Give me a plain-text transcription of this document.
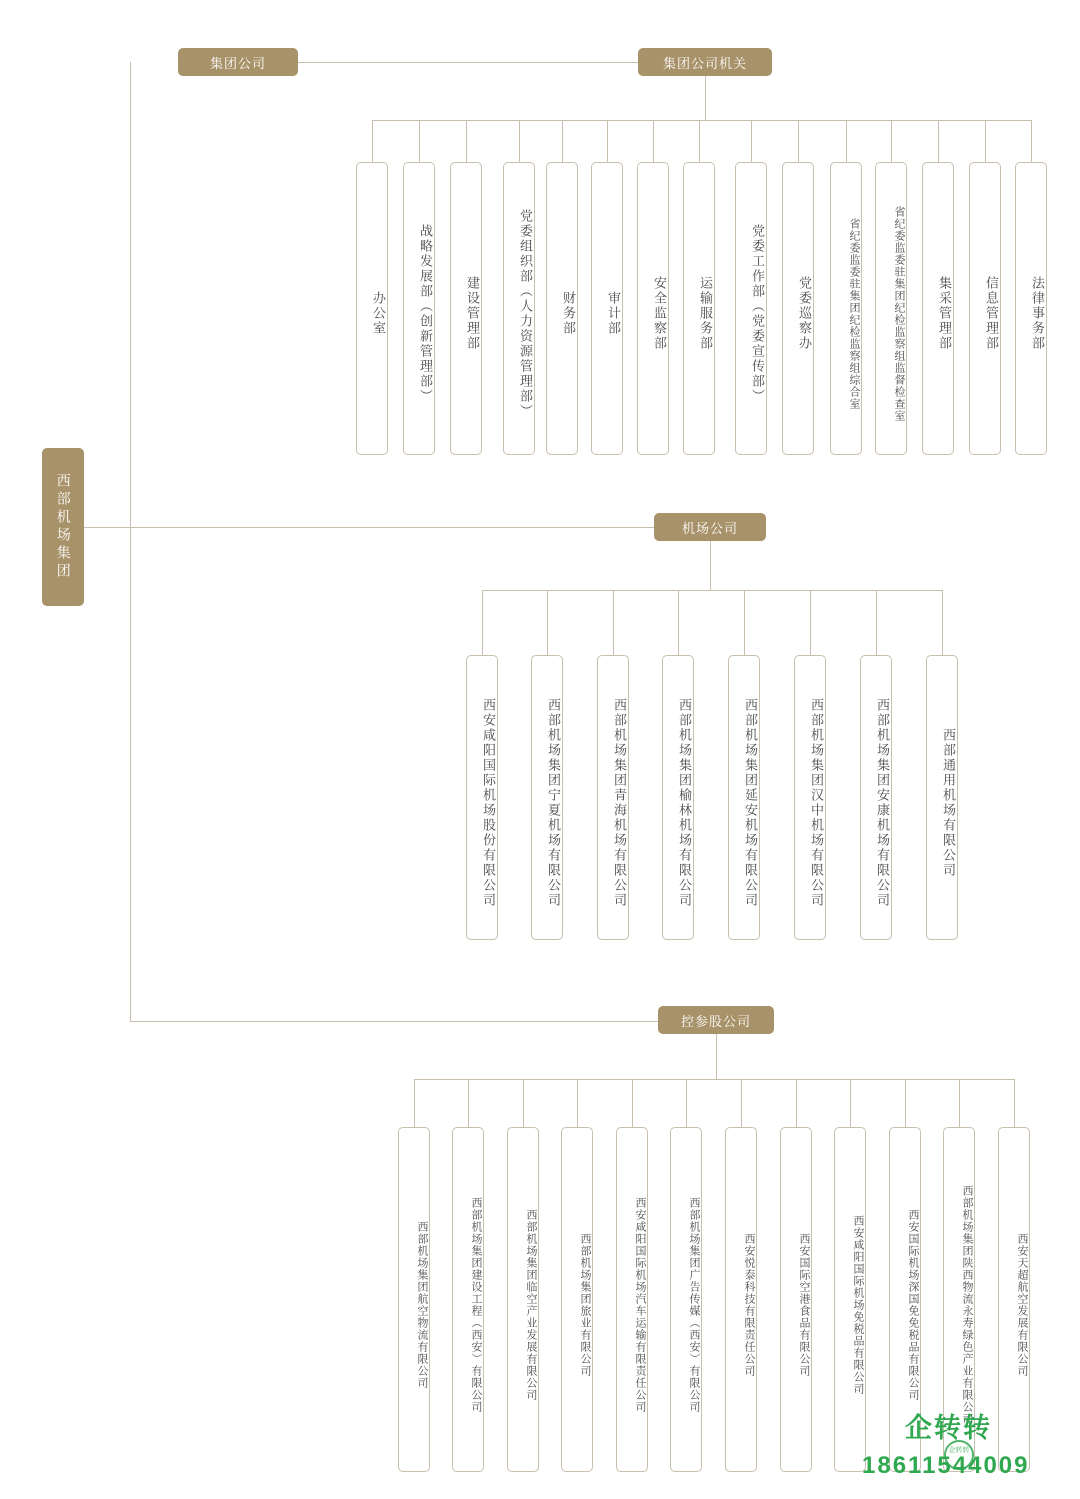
西部机场集团
集团公司	集团公司机关
机场公司
控参股公司
办公室	战略发展部（创新管理部）	建设管理部	党委组织部（人力资源管理部）	财务部	审计部	安全监察部	运输服务部	党委工作部（党委宣传部）	党委巡察办	省纪委监委驻集团纪检监察组综合室	省纪委监委驻集团纪检监察组监督检查室	集采管理部	信息管理部	法律事务部
西安咸阳国际机场股份有限公司	西部机场集团宁夏机场有限公司	西部机场集团青海机场有限公司	西部机场集团榆林机场有限公司	西部机场集团延安机场有限公司	西部机场集团汉中机场有限公司	西部机场集团安康机场有限公司	西部通用机场有限公司
西部机场集团航空物流有限公司	西部机场集团建设工程（西安）有限公司	西部机场集团临空产业发展有限公司	西部机场集团旅业有限公司	西安咸阳国际机场汽车运输有限责任公司	西部机场集团广告传媒（西安）有限公司	西安悦泰科技有限责任公司	西安国际空港食品有限公司	西安咸阳国际机场免税品有限公司	西安国际机场深国免免税品有限公司	西部机场集团陕西物流永寿绿色产业有限公司	西安天超航空发展有限公司
企转转
18611544009
企转转
